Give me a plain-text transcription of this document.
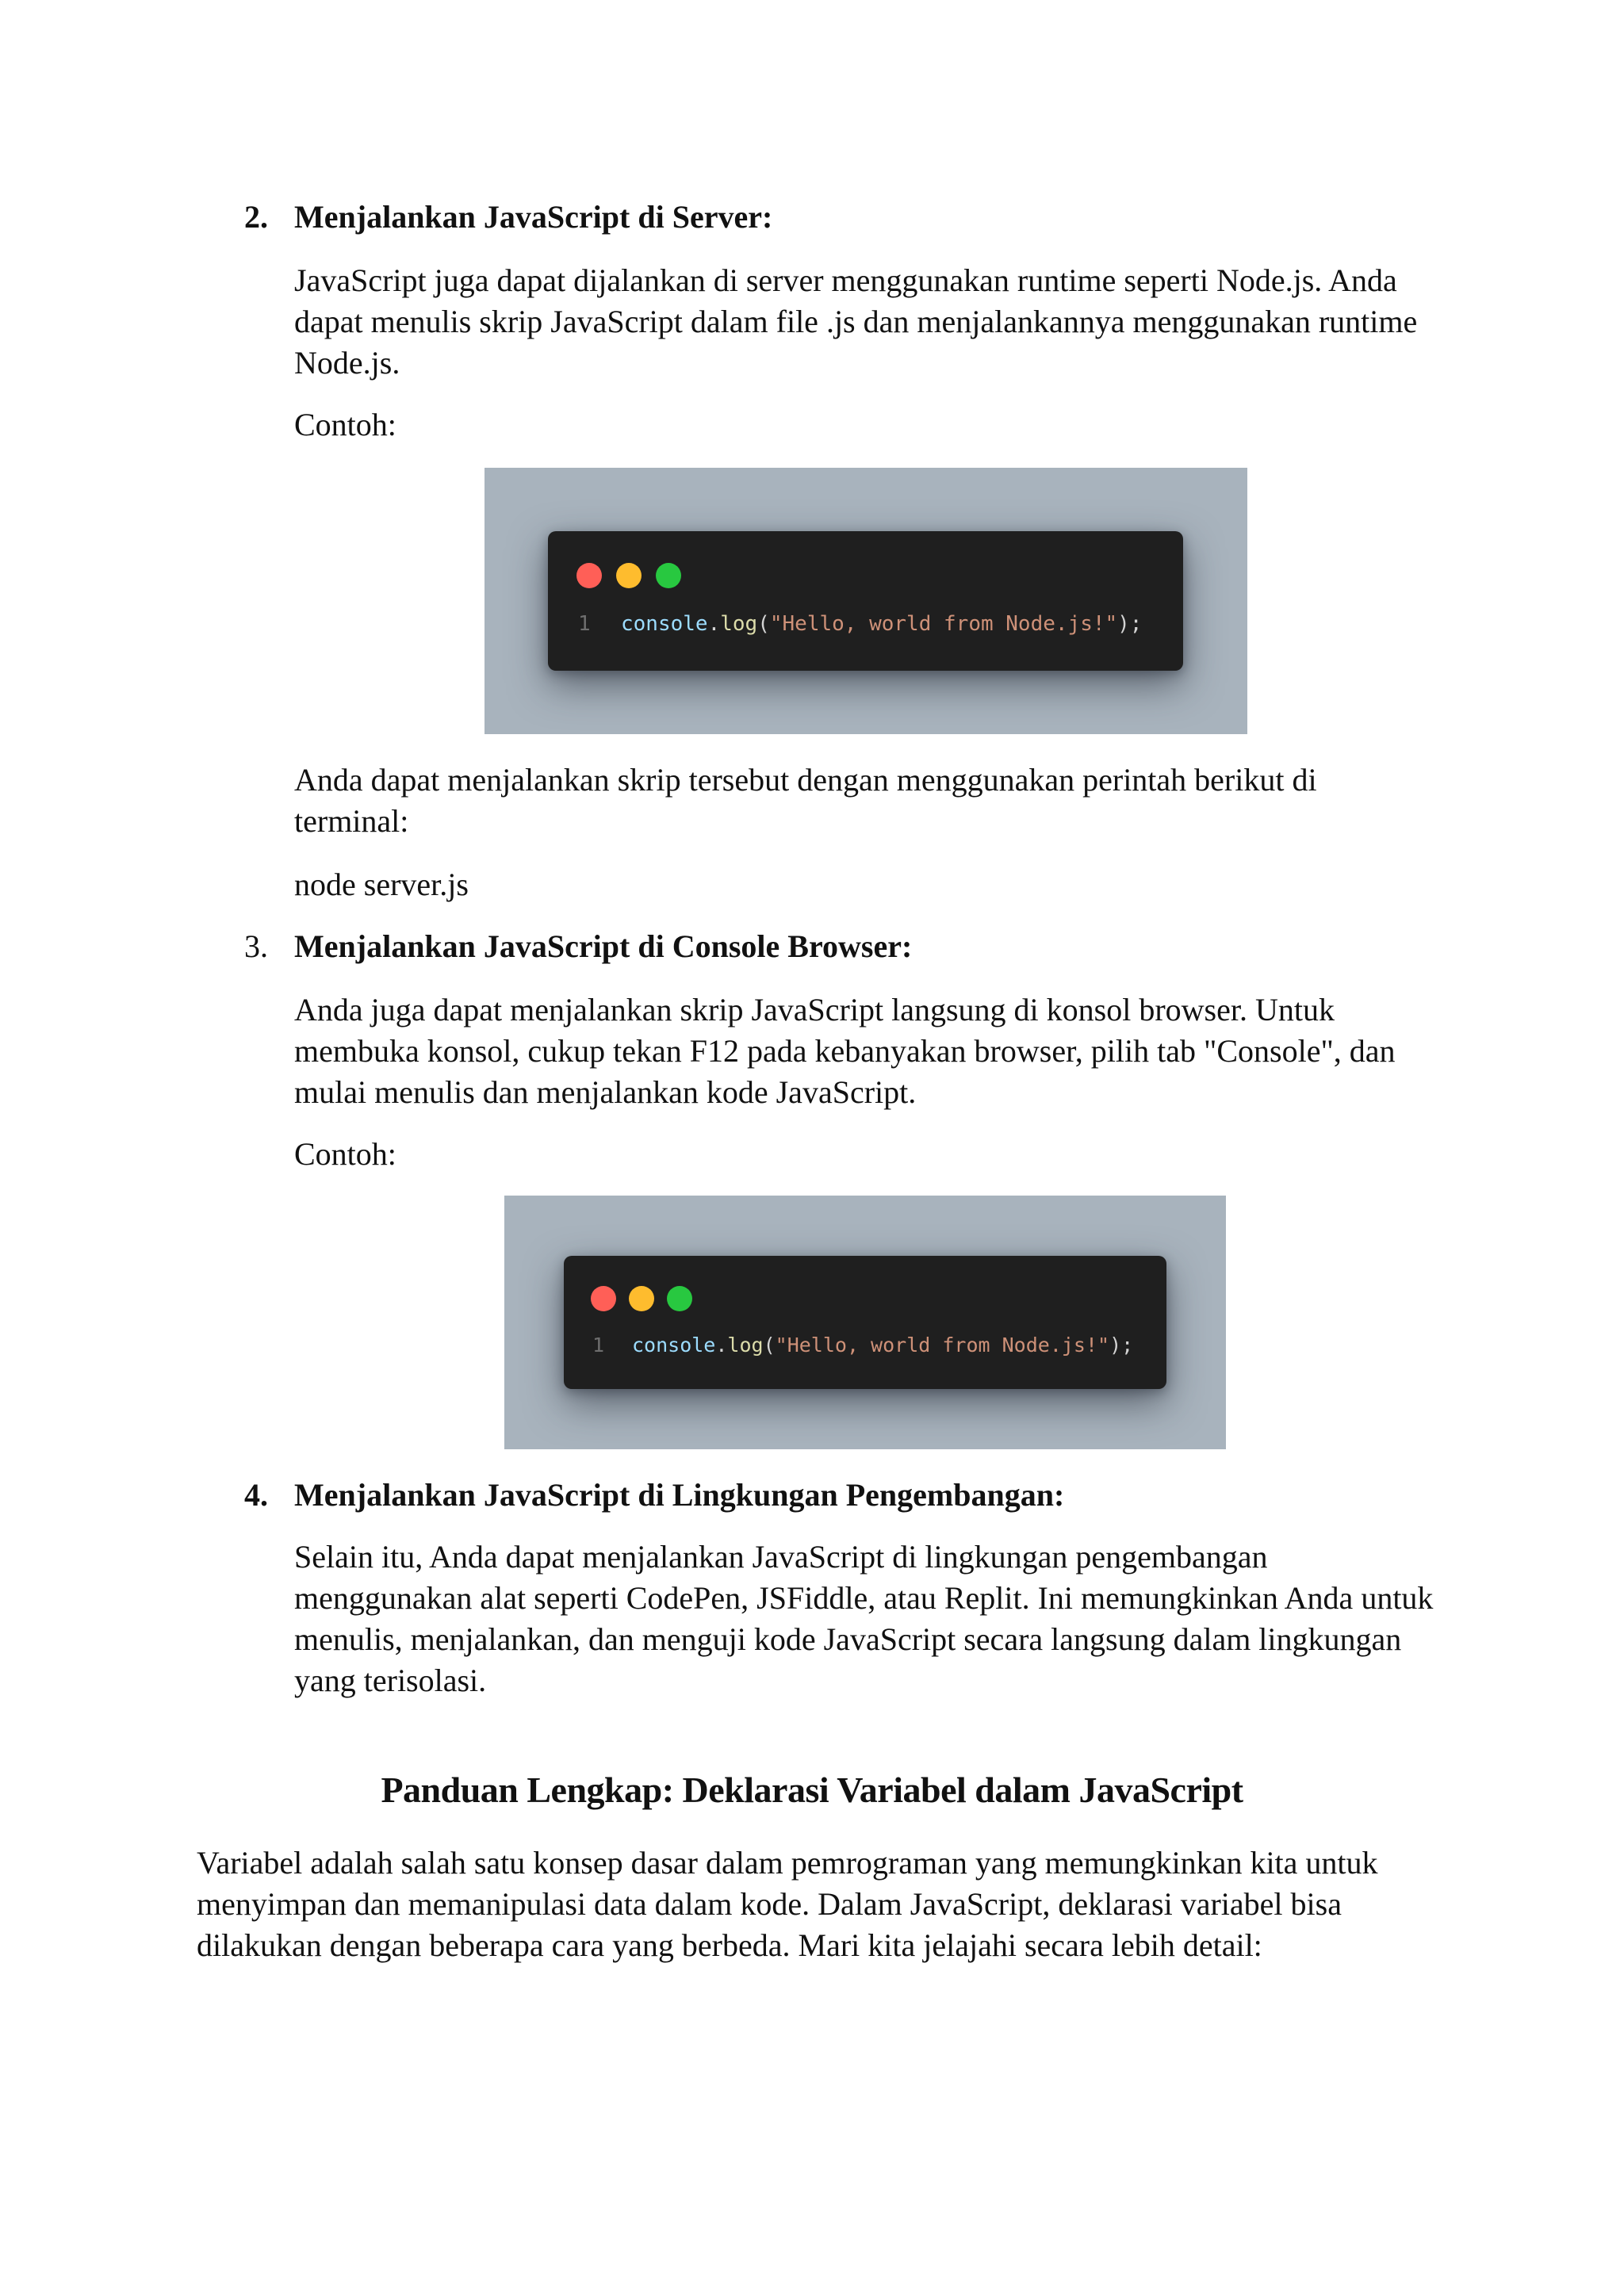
2. Menjalankan JavaScript di Server:

JavaScript juga dapat dijalankan di server menggunakan runtime seperti Node.js. Anda dapat menulis skrip JavaScript dalam file .js dan menjalankannya menggunakan runtime Node.js.

Contoh:

1 console.log("Hello, world from Node.js!");

Anda dapat menjalankan skrip tersebut dengan menggunakan perintah berikut di terminal:

node server.js

3. Menjalankan JavaScript di Console Browser:

Anda juga dapat menjalankan skrip JavaScript langsung di konsol browser. Untuk membuka konsol, cukup tekan F12 pada kebanyakan browser, pilih tab "Console", dan mulai menulis dan menjalankan kode JavaScript.

Contoh:

1 console.log("Hello, world from Node.js!");
4. Menjalankan JavaScript di Lingkungan Pengembangan:

Selain itu, Anda dapat menjalankan JavaScript di lingkungan pengembangan menggunakan alat seperti CodePen, JSFiddle, atau Replit. Ini memungkinkan Anda untuk menulis, menjalankan, dan menguji kode JavaScript secara langsung dalam lingkungan yang terisolasi.

Panduan Lengkap: Deklarasi Variabel dalam JavaScript

Variabel adalah salah satu konsep dasar dalam pemrograman yang memungkinkan kita untuk menyimpan dan memanipulasi data dalam kode. Dalam JavaScript, deklarasi variabel bisa dilakukan dengan beberapa cara yang berbeda. Mari kita jelajahi secara lebih detail:
